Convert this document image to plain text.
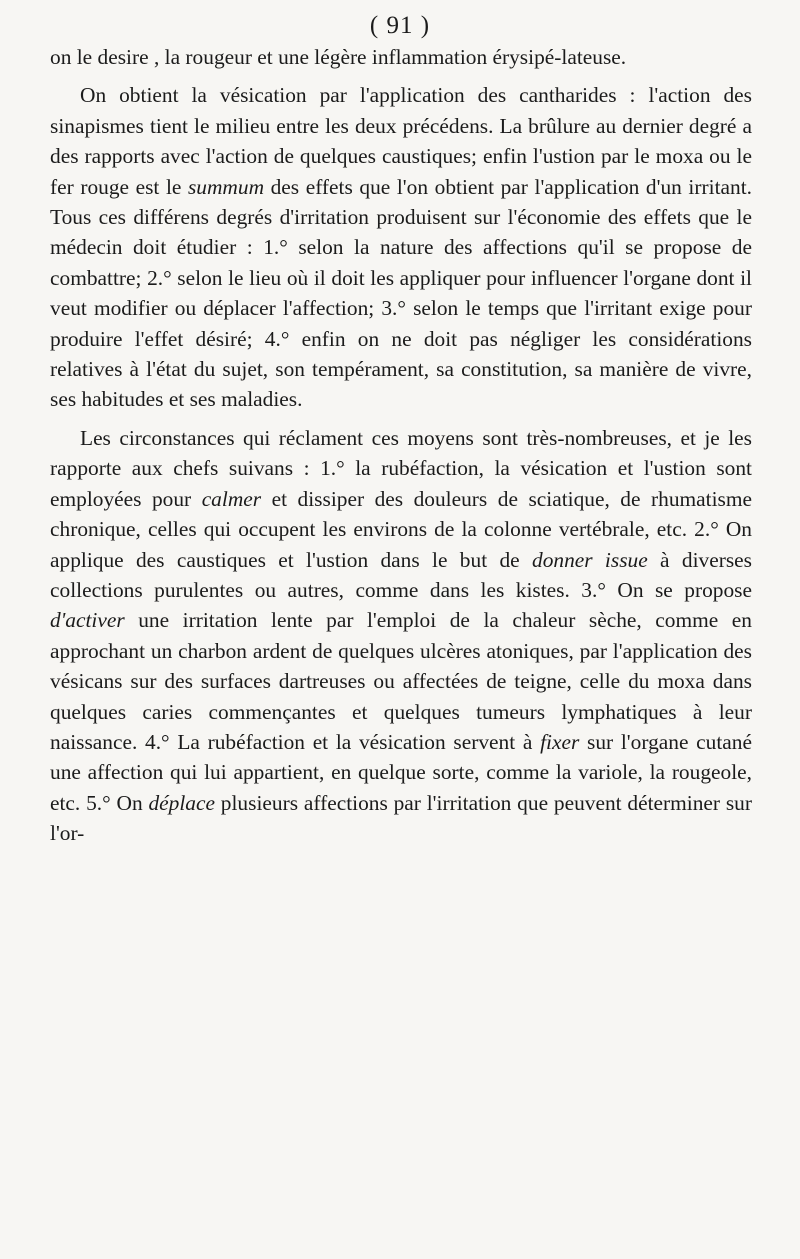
( 91 )

on le desire , la rougeur et une légère inflammation érysipé-lateuse.

On obtient la vésication par l'application des cantharides : l'action des sinapismes tient le milieu entre les deux précédens. La brûlure au dernier degré a des rapports avec l'action de quelques caustiques; enfin l'ustion par le moxa ou le fer rouge est le summum des effets que l'on obtient par l'application d'un irritant. Tous ces différens degrés d'irritation produisent sur l'économie des effets que le médecin doit étudier : 1.° selon la nature des affections qu'il se propose de combattre; 2.° selon le lieu où il doit les appliquer pour influencer l'organe dont il veut modifier ou déplacer l'affection; 3.° selon le temps que l'irritant exige pour produire l'effet désiré; 4.° enfin on ne doit pas négliger les considérations relatives à l'état du sujet, son tempérament, sa constitution, sa manière de vivre, ses habitudes et ses maladies.

Les circonstances qui réclament ces moyens sont très-nombreuses, et je les rapporte aux chefs suivans : 1.° la rubéfaction, la vésication et l'ustion sont employées pour calmer et dissiper des douleurs de sciatique, de rhumatisme chronique, celles qui occupent les environs de la colonne vertébrale, etc. 2.° On applique des caustiques et l'ustion dans le but de donner issue à diverses collections purulentes ou autres, comme dans les kistes. 3.° On se propose d'activer une irritation lente par l'emploi de la chaleur sèche, comme en approchant un charbon ardent de quelques ulcères atoniques, par l'application des vésicans sur des surfaces dartreuses ou affectées de teigne, celle du moxa dans quelques caries commençantes et quelques tumeurs lymphatiques à leur naissance. 4.° La rubéfaction et la vésication servent à fixer sur l'organe cutané une affection qui lui appartient, en quelque sorte, comme la variole, la rougeole, etc. 5.° On déplace plusieurs affections par l'irritation que peuvent déterminer sur l'or-
